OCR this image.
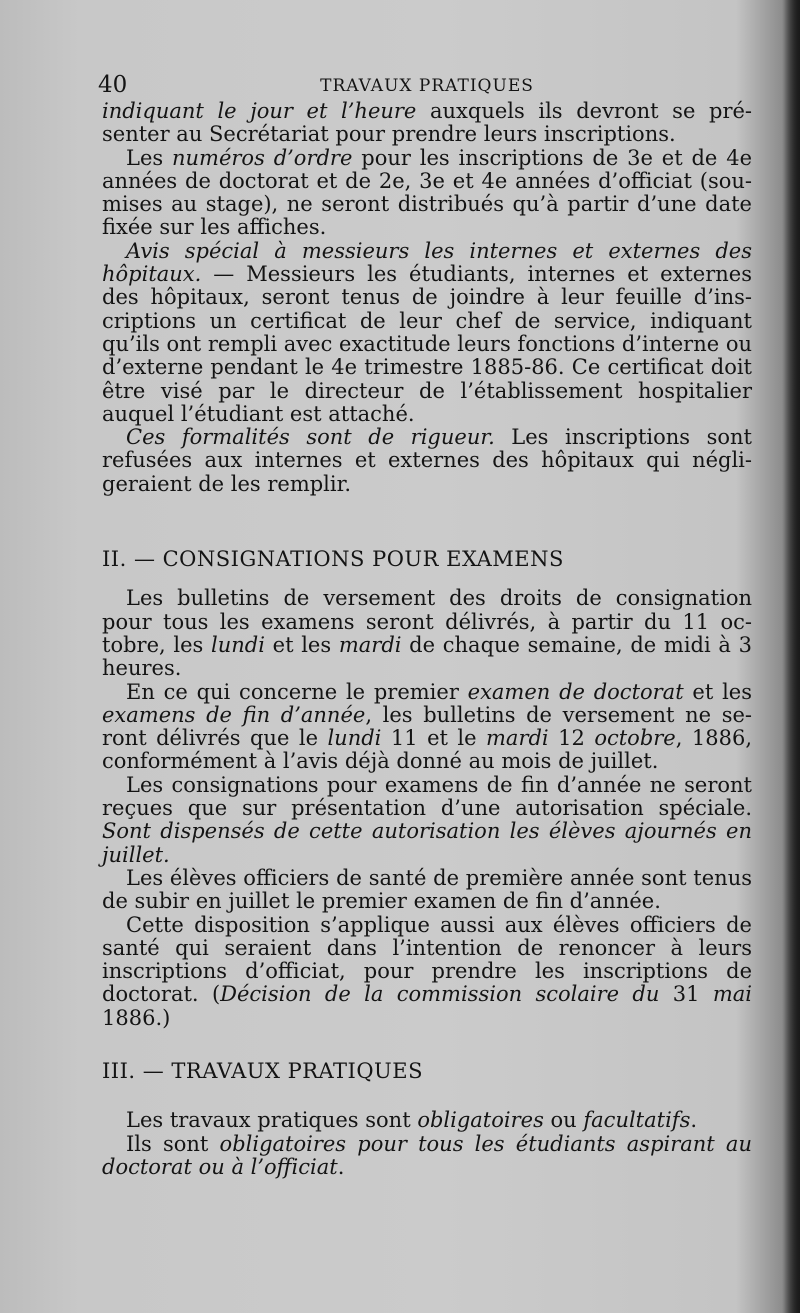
40	TRAVAUX PRATIQUES

indiquant le jour et l’heure auxquels ils devront se pré-senter au Secrétariat pour prendre leurs inscriptions.

Les numéros d’ordre pour les inscriptions de 3e et de 4e années de doctorat et de 2e, 3e et 4e années d’officiat (sou-mises au stage), ne seront distribués qu’à partir d’une date fixée sur les affiches.

Avis spécial à messieurs les internes et externes des hôpitaux. — Messieurs les étudiants, internes et externes des hôpitaux, seront tenus de joindre à leur feuille d’ins-criptions un certificat de leur chef de service, indiquant qu’ils ont rempli avec exactitude leurs fonctions d’interne ou d’externe pendant le 4e trimestre 1885-86. Ce certificat doit être visé par le directeur de l’établissement hospitalier auquel l’étudiant est attaché.

Ces formalités sont de rigueur. Les inscriptions sont refusées aux internes et externes des hôpitaux qui négli-geraient de les remplir.

II. — CONSIGNATIONS POUR EXAMENS

Les bulletins de versement des droits de consignation pour tous les examens seront délivrés, à partir du 11 oc-tobre, les lundi et les mardi de chaque semaine, de midi à 3 heures.

En ce qui concerne le premier examen de doctorat et les examens de fin d’année, les bulletins de versement ne se-ront délivrés que le lundi 11 et le mardi 12 octobre, 1886, conformément à l’avis déjà donné au mois de juillet.

Les consignations pour examens de fin d’année ne seront reçues que sur présentation d’une autorisation spéciale. Sont dispensés de cette autorisation les élèves ajournés en juillet.

Les élèves officiers de santé de première année sont tenus de subir en juillet le premier examen de fin d’année.

Cette disposition s’applique aussi aux élèves officiers de santé qui seraient dans l’intention de renoncer à leurs inscriptions d’officiat, pour prendre les inscriptions de doctorat. (Décision de la commission scolaire du 31 mai 1886.)

III. — TRAVAUX PRATIQUES

Les travaux pratiques sont obligatoires ou facultatifs.

Ils sont obligatoires pour tous les étudiants aspirant au doctorat ou à l’officiat.
